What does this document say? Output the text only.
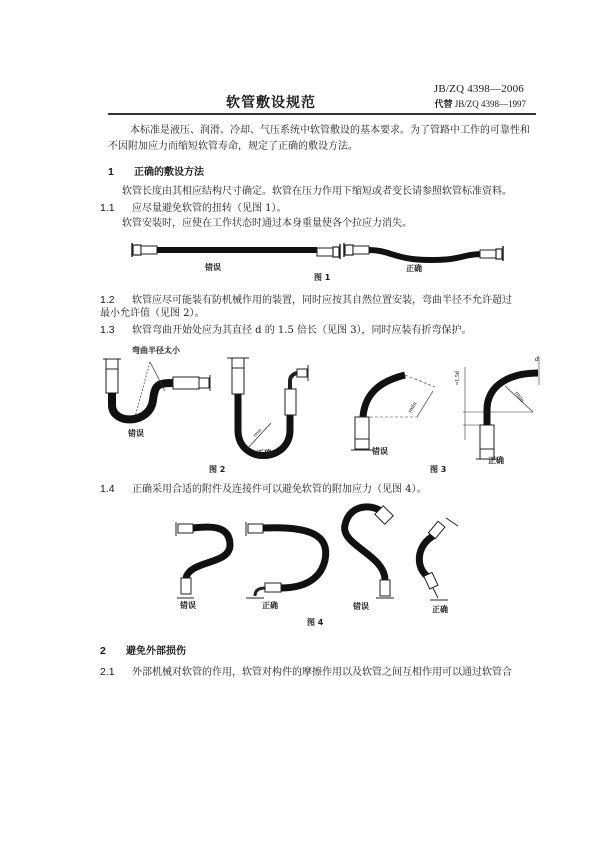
JB/ZQ 4398—2006
代替 JB/ZQ 4398—1997
软管敷设规范
本标准是液压、润滑、冷却、气压系统中软管敷设的基本要求。为了管路中工作的可靠性和
不因附加应力而缩短软管寿命，规定了正确的敷设方法。
1 正确的敷设方法
软管长度由其相应结构尺寸确定。软管在压力作用下缩短或者变长请参照软管标准资料。
1.1 应尽量避免软管的扭转（见图 1）。
软管安装时，应使在工作状态时通过本身重量使各个拉应力消失。
错误	正确
图 1
1.2 软管应尽可能装有防机械作用的装置，同时应按其自然位置安装，弯曲半径不允许超过
最小允许值（见图 2）。
1.3 软管弯曲开始处应为其直径 d 的 1.5 倍长（见图 3），同时应装有折弯保护。
rmin
弯曲半径太小
错误
正确
图 2
rmin
≈1.5d
rmin
d
错误
正确
图 3
1.4 正确采用合适的附件及连接件可以避免软管的附加应力（见图 4）。
错误	正确	错误	正确
图 4
2 避免外部损伤
2.1 外部机械对软管的作用，软管对构件的摩擦作用以及软管之间互相作用可以通过软管合
